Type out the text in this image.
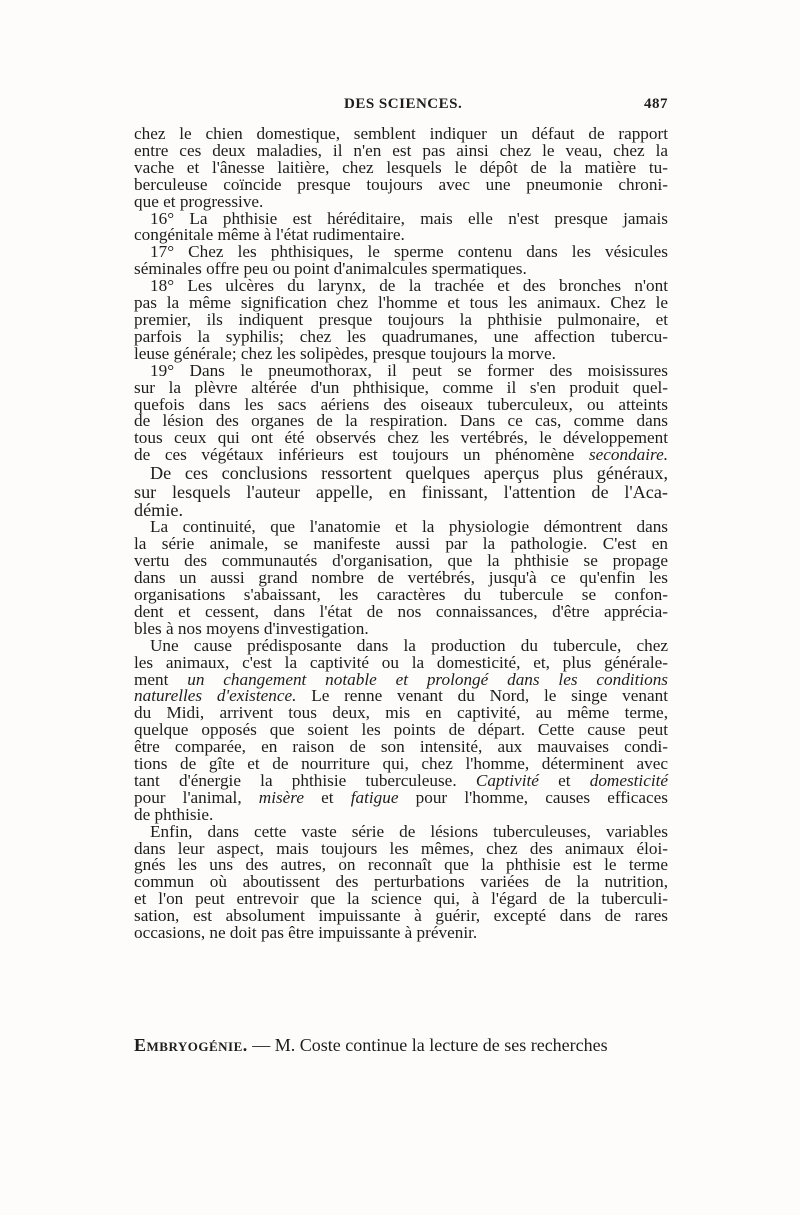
DES SCIENCES.	487
chez le chien domestique, semblent indiquer un défaut de rapport
entre ces deux maladies, il n'en est pas ainsi chez le veau, chez la
vache et l'ânesse laitière, chez lesquels le dépôt de la matière tu-
berculeuse coïncide presque toujours avec une pneumonie chroni-
que et progressive.
16° La phthisie est héréditaire, mais elle n'est presque jamais
congénitale même à l'état rudimentaire.
17° Chez les phthisiques, le sperme contenu dans les vésicules
séminales offre peu ou point d'animalcules spermatiques.
18° Les ulcères du larynx, de la trachée et des bronches n'ont
pas la même signification chez l'homme et tous les animaux. Chez le
premier, ils indiquent presque toujours la phthisie pulmonaire, et
parfois la syphilis; chez les quadrumanes, une affection tubercu-
leuse générale; chez les solipèdes, presque toujours la morve.
19° Dans le pneumothorax, il peut se former des moisissures
sur la plèvre altérée d'un phthisique, comme il s'en produit quel-
quefois dans les sacs aériens des oiseaux tuberculeux, ou atteints
de lésion des organes de la respiration. Dans ce cas, comme dans
tous ceux qui ont été observés chez les vertébrés, le développement
de ces végétaux inférieurs est toujours un phénomène secondaire.
De ces conclusions ressortent quelques aperçus plus généraux,
sur lesquels l'auteur appelle, en finissant, l'attention de l'Aca-
démie.
La continuité, que l'anatomie et la physiologie démontrent dans
la série animale, se manifeste aussi par la pathologie. C'est en
vertu des communautés d'organisation, que la phthisie se propage
dans un aussi grand nombre de vertébrés, jusqu'à ce qu'enfin les
organisations s'abaissant, les caractères du tubercule se confon-
dent et cessent, dans l'état de nos connaissances, d'être apprécia-
bles à nos moyens d'investigation.
Une cause prédisposante dans la production du tubercule, chez
les animaux, c'est la captivité ou la domesticité, et, plus générale-
ment un changement notable et prolongé dans les conditions
naturelles d'existence. Le renne venant du Nord, le singe venant
du Midi, arrivent tous deux, mis en captivité, au même terme,
quelque opposés que soient les points de départ. Cette cause peut
être comparée, en raison de son intensité, aux mauvaises condi-
tions de gîte et de nourriture qui, chez l'homme, déterminent avec
tant d'énergie la phthisie tuberculeuse. Captivité et domesticité
pour l'animal, misère et fatigue pour l'homme, causes efficaces
de phthisie.
Enfin, dans cette vaste série de lésions tuberculeuses, variables
dans leur aspect, mais toujours les mêmes, chez des animaux éloi-
gnés les uns des autres, on reconnaît que la phthisie est le terme
commun où aboutissent des perturbations variées de la nutrition,
et l'on peut entrevoir que la science qui, à l'égard de la tuberculi-
sation, est absolument impuissante à guérir, excepté dans de rares
occasions, ne doit pas être impuissante à prévenir.
Embryogénie. — M. Coste continue la lecture de ses recherches
